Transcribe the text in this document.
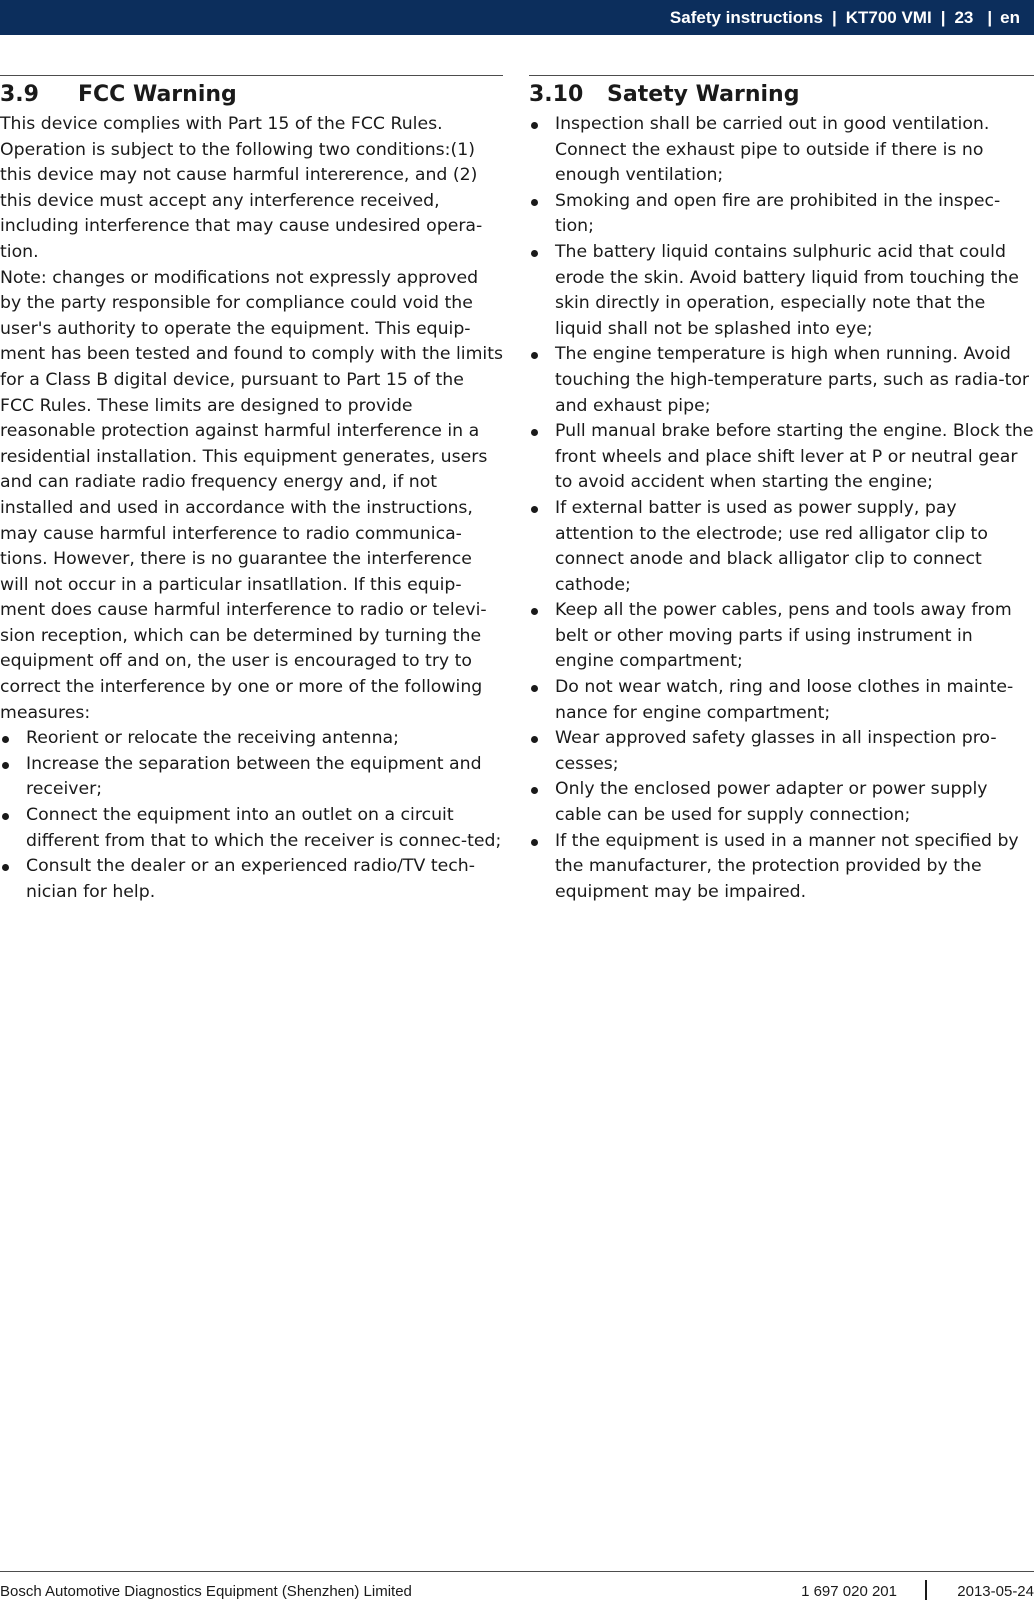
Safety instructions | KT700 VMI | 23 | en
3.9	FCC Warning

This device complies with Part 15 of the FCC Rules. Operation is subject to the following two conditions:(1) this device may not cause harmful intererence, and (2) this device must accept any interference received, including interference that may cause undesired opera-tion.

Note: changes or modifications not expressly approved by the party responsible for compliance could void the user's authority to operate the equipment. This equip-ment has been tested and found to comply with the limits for a Class B digital device, pursuant to Part 15 of the FCC Rules. These limits are designed to provide reasonable protection against harmful interference in a residential installation. This equipment generates, users and can radiate radio frequency energy and, if not installed and used in accordance with the instructions, may cause harmful interference to radio communica-tions. However, there is no guarantee the interference will not occur in a particular insatllation. If this equip-ment does cause harmful interference to radio or televi-sion reception, which can be determined by turning the equipment off and on, the user is encouraged to try to correct the interference by one or more of the following measures:

Reorient or relocate the receiving antenna;
Increase the separation between the equipment and receiver;
Connect the equipment into an outlet on a circuit different from that to which the receiver is connec-ted;
Consult the dealer or an experienced radio/TV tech-nician for help.
3.10	Satety Warning
Inspection shall be carried out in good ventilation. Connect the exhaust pipe to outside if there is no enough ventilation;
Smoking and open fire are prohibited in the inspec-tion;
The battery liquid contains sulphuric acid that could erode the skin. Avoid battery liquid from touching the skin directly in operation, especially note that the liquid shall not be splashed into eye;
The engine temperature is high when running. Avoid touching the high-temperature parts, such as radia-tor and exhaust pipe;
Pull manual brake before starting the engine. Block the front wheels and place shift lever at P or neutral gear to avoid accident when starting the engine;
If external batter is used as power supply, pay attention to the electrode; use red alligator clip to connect anode and black alligator clip to connect cathode;
Keep all the power cables, pens and tools away from belt or other moving parts if using instrument in engine compartment;
Do not wear watch, ring and loose clothes in mainte-nance for engine compartment;
Wear approved safety glasses in all inspection pro-cesses;
Only the enclosed power adapter or power supply cable can be used for supply connection;
If the equipment is used in a manner not specified by the manufacturer, the protection provided by the equipment may be impaired.
Bosch Automotive Diagnostics Equipment (Shenzhen) Limited	1 697 020 201	2013-05-24
